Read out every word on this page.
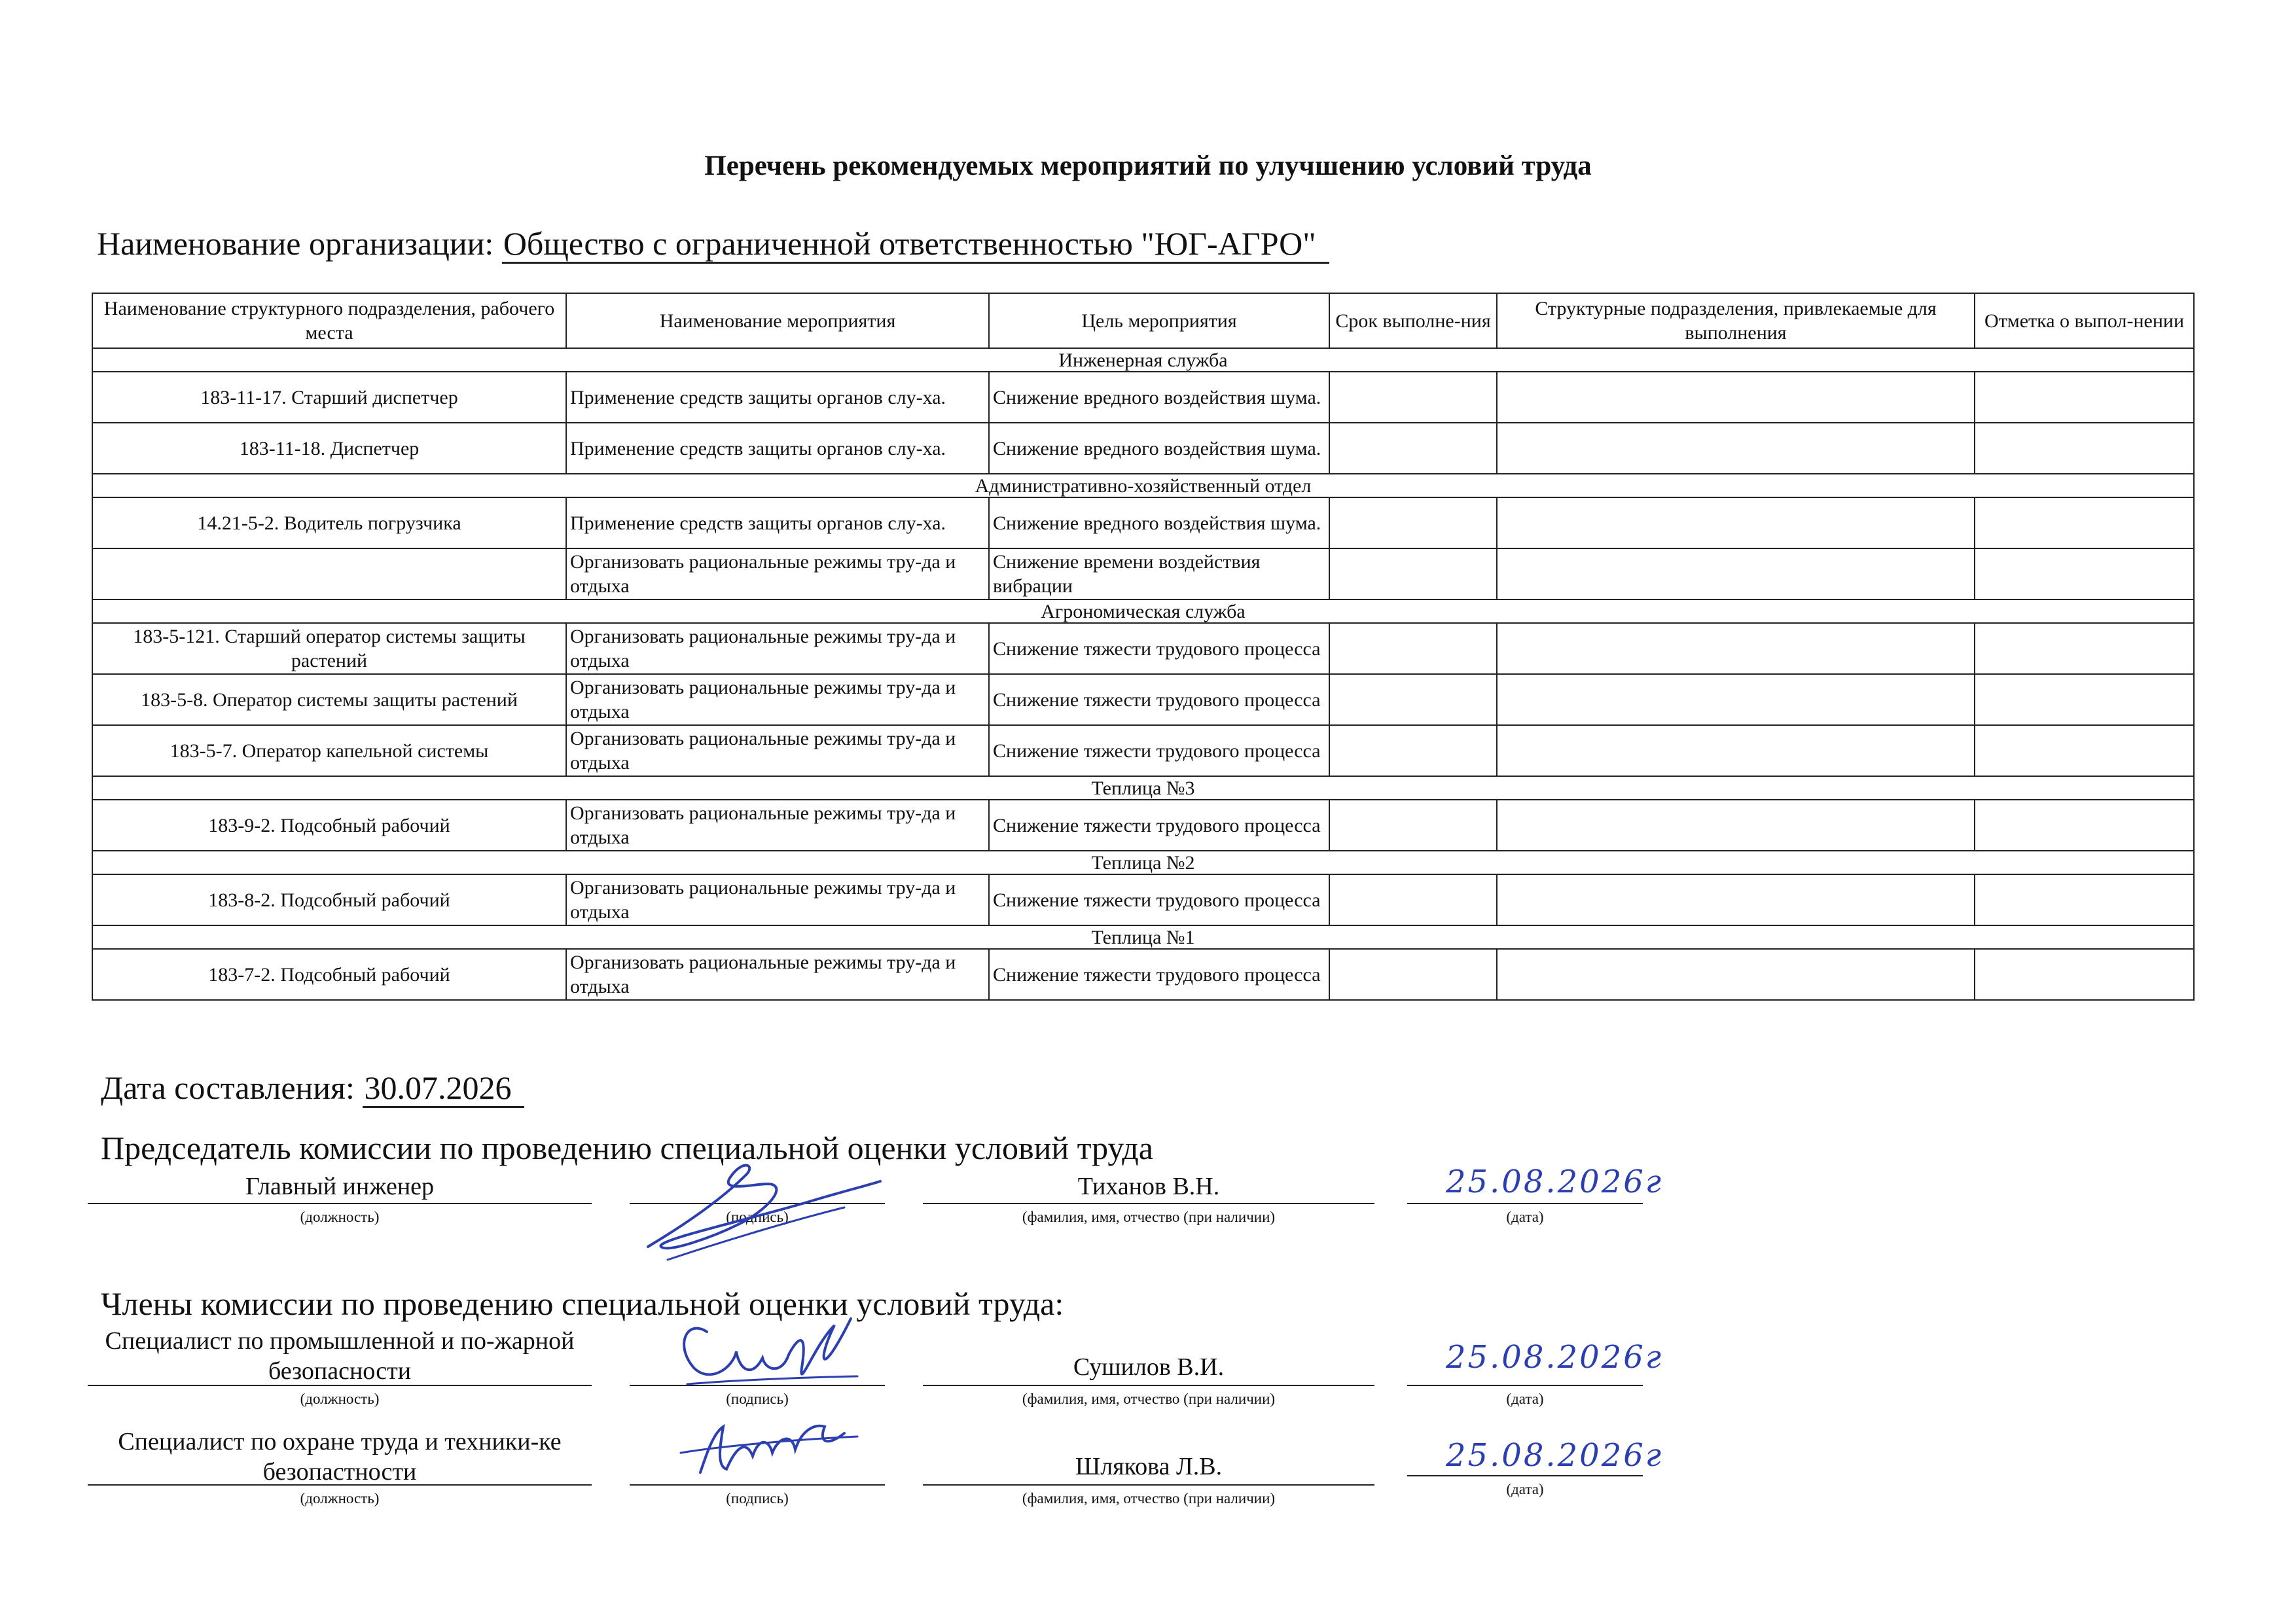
Перечень рекомендуемых мероприятий по улучшению условий труда
Наименование организации: Общество с ограниченной ответственностью "ЮГ-АГРО"
Наименование структурного подразделения, рабочего места	Наименование мероприятия	Цель мероприятия	Срок выполне-ния	Структурные подразделения, привлекаемые для выполнения	Отметка о выпол-нении
Инженерная служба					
183-11-17. Старший диспетчер	Применение средств защиты органов слу-ха.	Снижение вредного воздействия шума.			
183-11-18. Диспетчер	Применение средств защиты органов слу-ха.	Снижение вредного воздействия шума.			
Административно-хозяйственный отдел					
14.21-5-2. Водитель погрузчика	Применение средств защиты органов слу-ха.	Снижение вредного воздействия шума.			
	Организовать рациональные режимы тру-да и отдыха	Снижение времени воздействия вибрации			
Агрономическая служба					
183-5-121. Старший оператор системы защиты растений	Организовать рациональные режимы тру-да и отдыха	Снижение тяжести трудового процесса			
183-5-8. Оператор системы защиты растений	Организовать рациональные режимы тру-да и отдыха	Снижение тяжести трудового процесса			
183-5-7. Оператор капельной системы	Организовать рациональные режимы тру-да и отдыха	Снижение тяжести трудового процесса			
Теплица №3					
183-9-2. Подсобный рабочий	Организовать рациональные режимы тру-да и отдыха	Снижение тяжести трудового процесса			
Теплица №2					
183-8-2. Подсобный рабочий	Организовать рациональные режимы тру-да и отдыха	Снижение тяжести трудового процесса			
Теплица №1					
183-7-2. Подсобный рабочий	Организовать рациональные режимы тру-да и отдыха	Снижение тяжести трудового процесса			
Дата составления: 30.07.2026
Председатель комиссии по проведению специальной оценки условий труда
Главный инженер
(должность)	(подпись)
Тиханов В.Н.
(фамилия, имя, отчество (при наличии)
25.08.2026г
(дата)
Члены комиссии по проведению специальной оценки условий труда:
Специалист по промышленной и по-жарной безопасности
(должность)	(подпись)
Сушилов В.И.
(фамилия, имя, отчество (при наличии)
25.08.2026г
(дата)
Специалист по охране труда и техники-ке безопастности
(должность)	(подпись)
Шлякова Л.В.
(фамилия, имя, отчество (при наличии)
25.08.2026г
(дата)
